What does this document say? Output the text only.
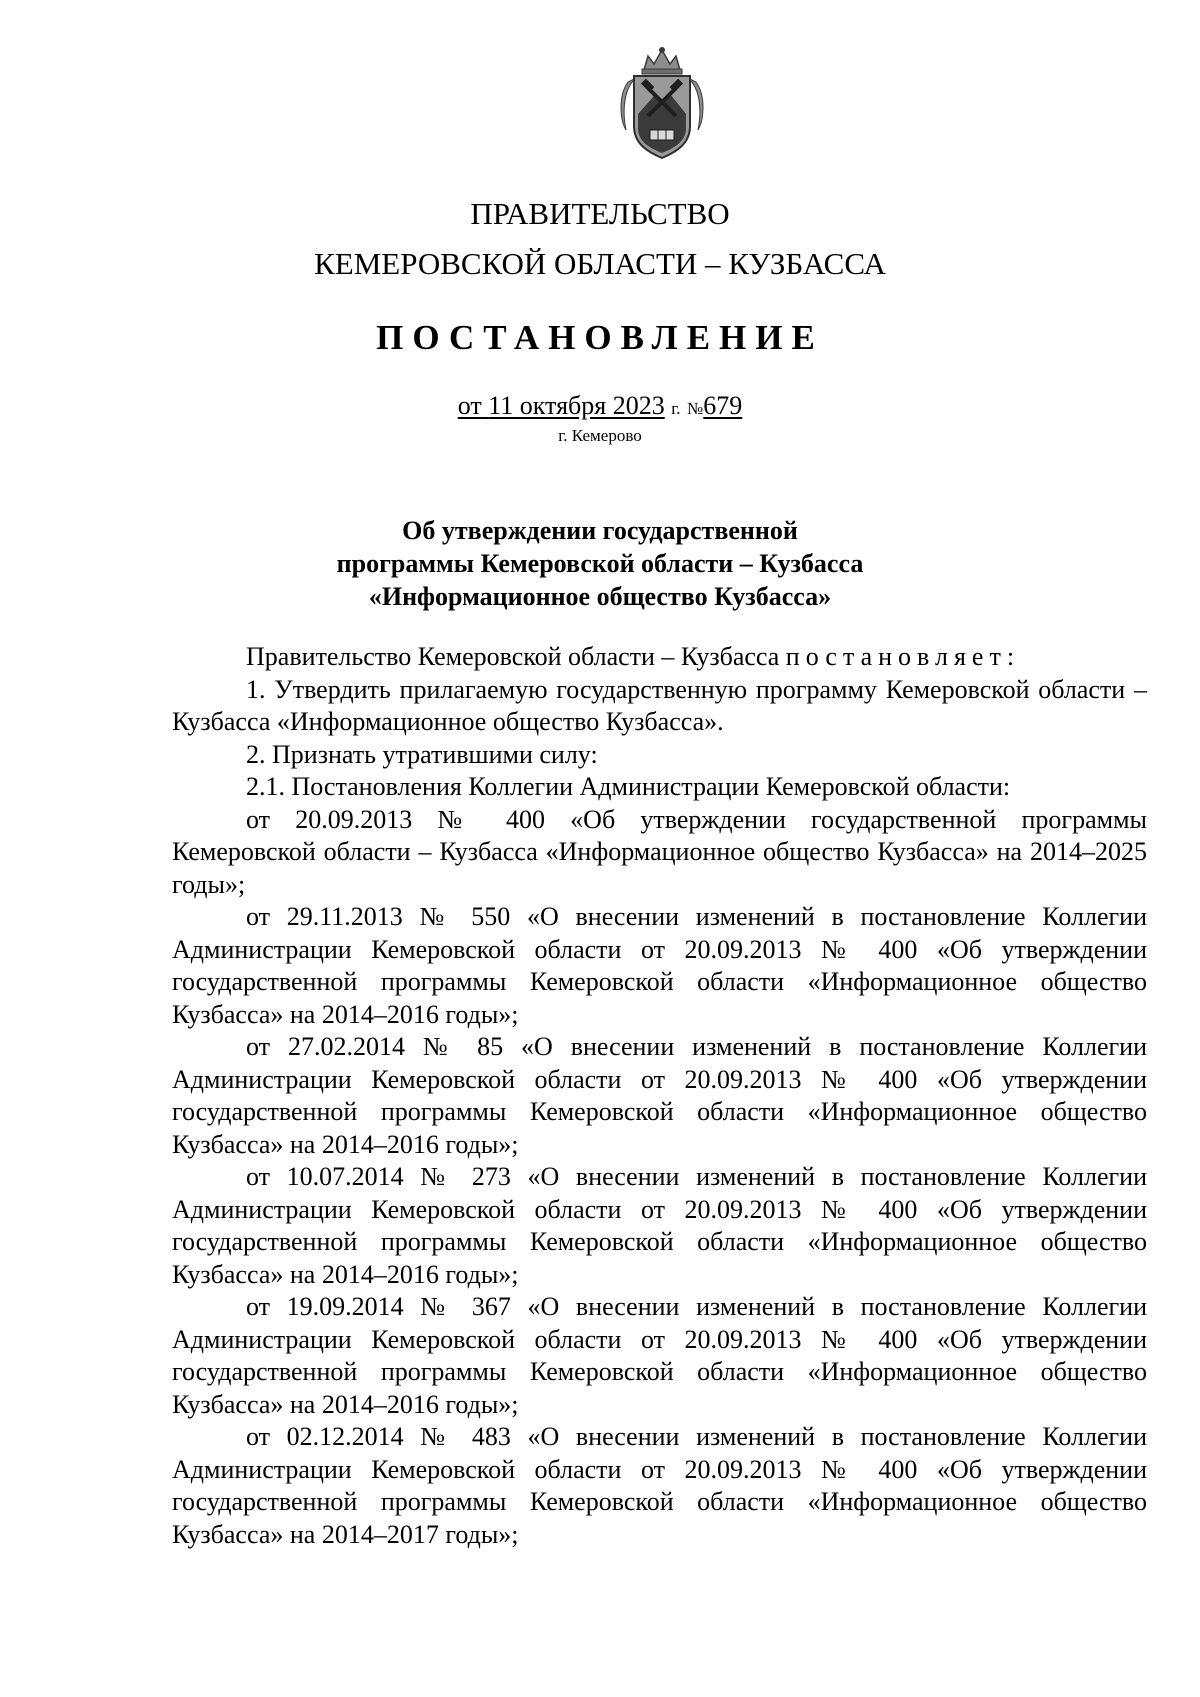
ПРАВИТЕЛЬСТВО
КЕМЕРОВСКОЙ ОБЛАСТИ – КУЗБАССА
ПОСТАНОВЛЕНИЕ
от 11 октября 2023 г. №679
г. Кемерово
Об утверждении государственной
программы Кемеровской области – Кузбасса
«Информационное общество Кузбасса»

Правительство Кемеровской области – Кузбасса постановляет:

1. Утвердить прилагаемую государственную программу Кемеровской области – Кузбасса «Информационное общество Кузбасса».

2. Признать утратившими силу:

2.1. Постановления Коллегии Администрации Кемеровской области:

от 20.09.2013 № 400 «Об утверждении государственной программы Кемеровской области – Кузбасса «Информационное общество Кузбасса» на 2014–2025 годы»;

от 29.11.2013 № 550 «О внесении изменений в постановление Коллегии Администрации Кемеровской области от 20.09.2013 № 400 «Об утверждении государственной программы Кемеровской области «Информационное общество Кузбасса» на 2014–2016 годы»;

от 27.02.2014 № 85 «О внесении изменений в постановление Коллегии Администрации Кемеровской области от 20.09.2013 № 400 «Об утверждении государственной программы Кемеровской области «Информационное общество Кузбасса» на 2014–2016 годы»;

от 10.07.2014 № 273 «О внесении изменений в постановление Коллегии Администрации Кемеровской области от 20.09.2013 № 400 «Об утверждении государственной программы Кемеровской области «Информационное общество Кузбасса» на 2014–2016 годы»;

от 19.09.2014 № 367 «О внесении изменений в постановление Коллегии Администрации Кемеровской области от 20.09.2013 № 400 «Об утверждении государственной программы Кемеровской области «Информационное общество Кузбасса» на 2014–2016 годы»;

от 02.12.2014 № 483 «О внесении изменений в постановление Коллегии Администрации Кемеровской области от 20.09.2013 № 400 «Об утверждении государственной программы Кемеровской области «Информационное общество Кузбасса» на 2014–2017 годы»;
